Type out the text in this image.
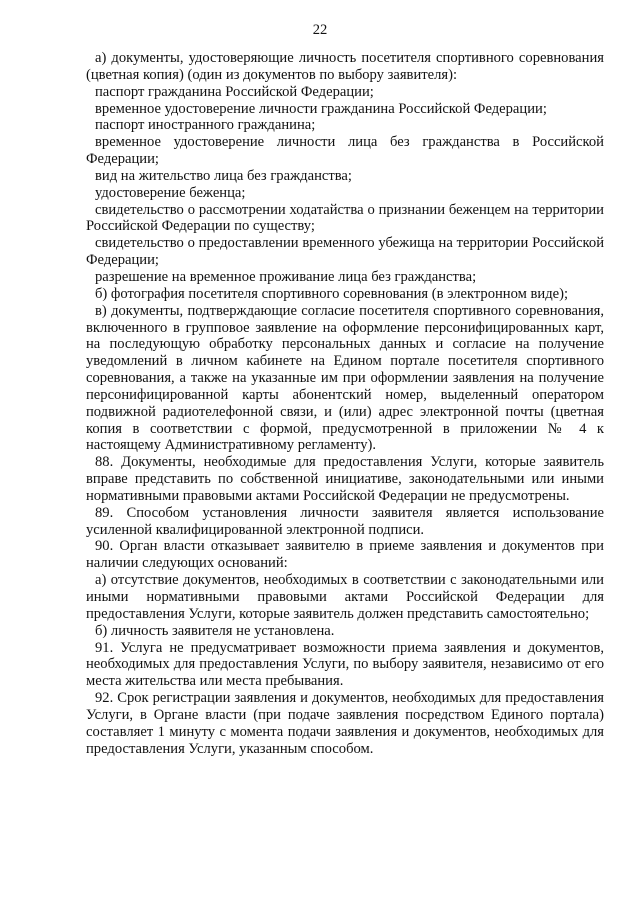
22

а) документы, удостоверяющие личность посетителя спортивного соревнования (цветная копия) (один из документов по выбору заявителя):

паспорт гражданина Российской Федерации;

временное удостоверение личности гражданина Российской Федерации;

паспорт иностранного гражданина;

временное удостоверение личности лица без гражданства в Российской Федерации;

вид на жительство лица без гражданства;

удостоверение беженца;

свидетельство о рассмотрении ходатайства о признании беженцем на территории Российской Федерации по существу;

свидетельство о предоставлении временного убежища на территории Российской Федерации;

разрешение на временное проживание лица без гражданства;

б) фотография посетителя спортивного соревнования (в электронном виде);

в) документы, подтверждающие согласие посетителя спортивного соревнования, включенного в групповое заявление на оформление персонифицированных карт, на последующую обработку персональных данных и согласие на получение уведомлений в личном кабинете на Едином портале посетителя спортивного соревнования, а также на указанные им при оформлении заявления на получение персонифицированной карты абонентский номер, выделенный оператором подвижной радиотелефонной связи, и (или) адрес электронной почты (цветная копия в соответствии с формой, предусмотренной в приложении № 4 к настоящему Административному регламенту).

88. Документы, необходимые для предоставления Услуги, которые заявитель вправе представить по собственной инициативе, законодательными или иными нормативными правовыми актами Российской Федерации не предусмотрены.

89. Способом установления личности заявителя является использование усиленной квалифицированной электронной подписи.

90. Орган власти отказывает заявителю в приеме заявления и документов при наличии следующих оснований:

а) отсутствие документов, необходимых в соответствии с законодательными или иными нормативными правовыми актами Российской Федерации для предоставления Услуги, которые заявитель должен представить самостоятельно;

б) личность заявителя не установлена.

91. Услуга не предусматривает возможности приема заявления и документов, необходимых для предоставления Услуги, по выбору заявителя, независимо от его места жительства или места пребывания.

92. Срок регистрации заявления и документов, необходимых для предоставления Услуги, в Органе власти (при подаче заявления посредством Единого портала) составляет 1 минуту с момента подачи заявления и документов, необходимых для предоставления Услуги, указанным способом.
